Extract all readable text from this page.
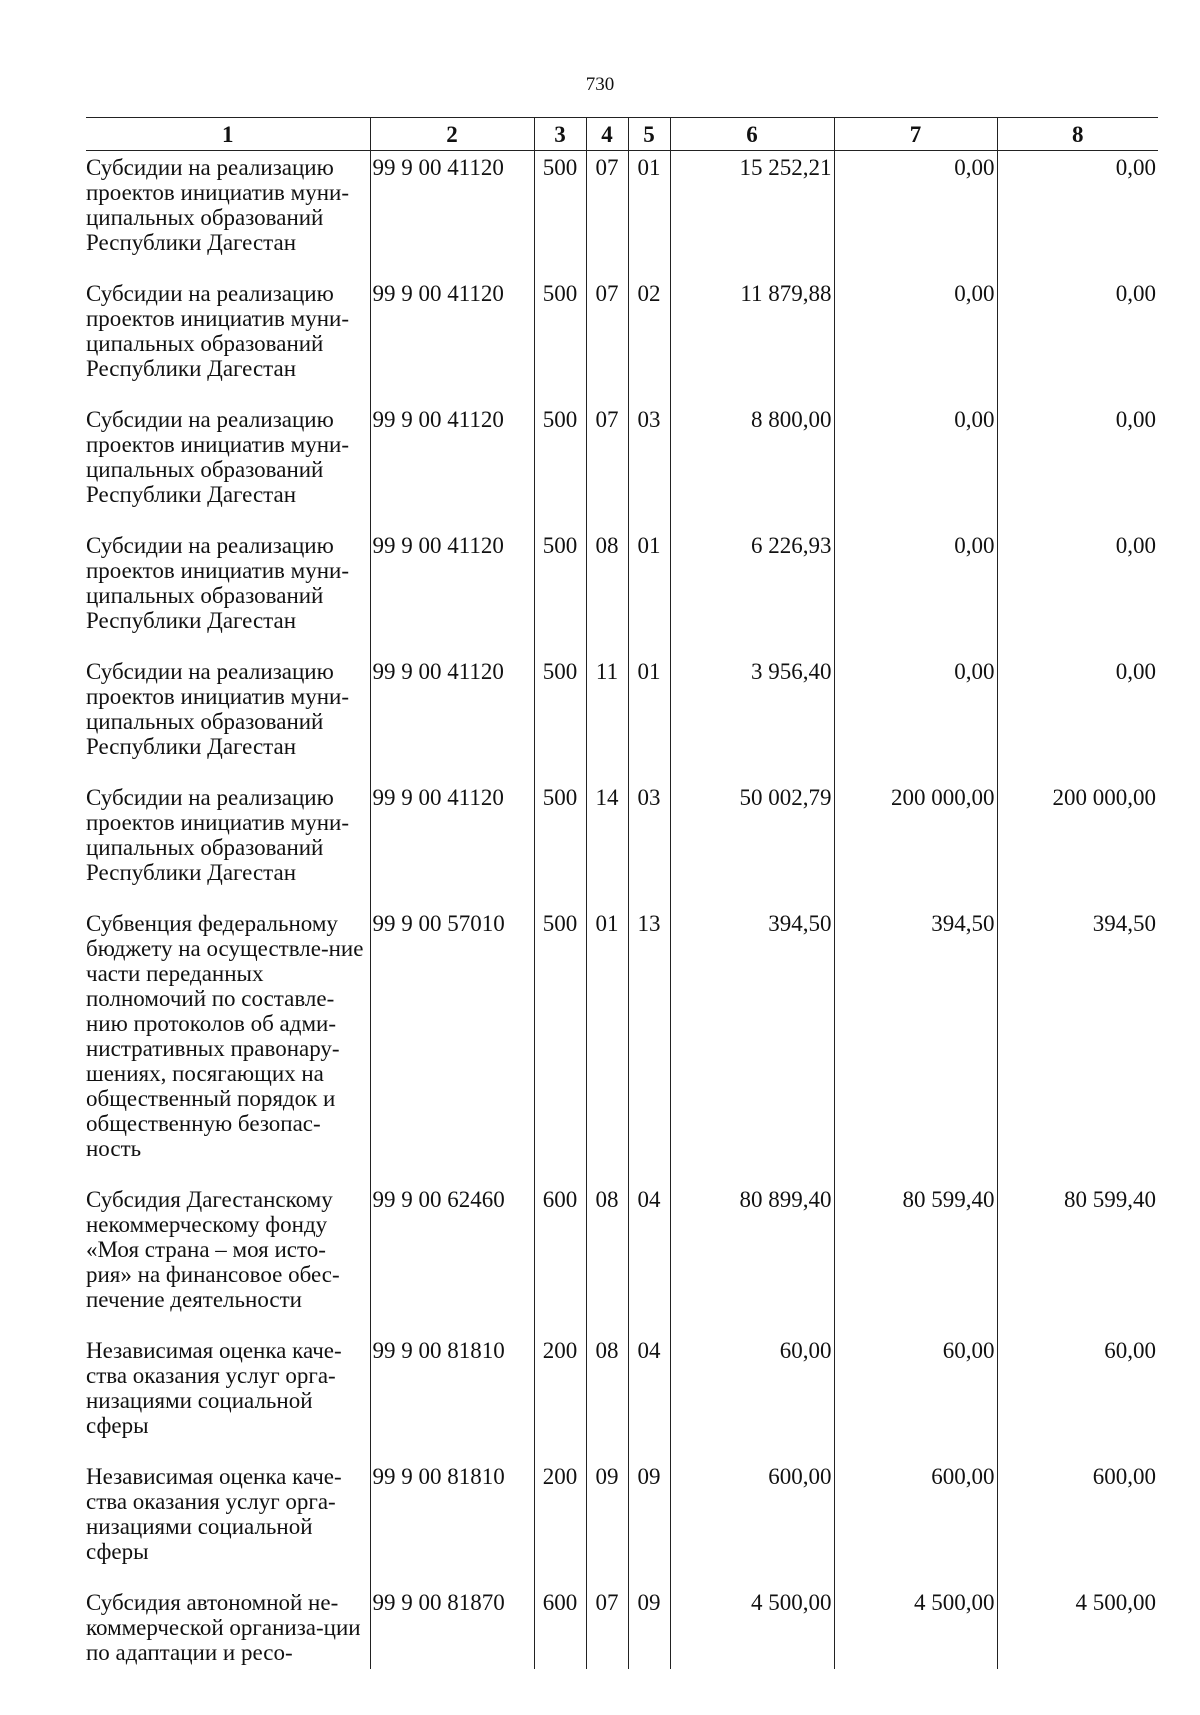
730
1	2	3	4	5	6	7	8
Субсидии на реализацию проектов инициатив муни-ципальных образований Республики Дагестан	99 9 00 41120	500	07	01	15 252,21	0,00	0,00
Субсидии на реализацию проектов инициатив муни-ципальных образований Республики Дагестан	99 9 00 41120	500	07	02	11 879,88	0,00	0,00
Субсидии на реализацию проектов инициатив муни-ципальных образований Республики Дагестан	99 9 00 41120	500	07	03	8 800,00	0,00	0,00
Субсидии на реализацию проектов инициатив муни-ципальных образований Республики Дагестан	99 9 00 41120	500	08	01	6 226,93	0,00	0,00
Субсидии на реализацию проектов инициатив муни-ципальных образований Республики Дагестан	99 9 00 41120	500	11	01	3 956,40	0,00	0,00
Субсидии на реализацию проектов инициатив муни-ципальных образований Республики Дагестан	99 9 00 41120	500	14	03	50 002,79	200 000,00	200 000,00
Субвенция федеральному бюджету на осуществле-ние части переданных полномочий по составле-нию протоколов об адми-нистративных правонару-шениях, посягающих на общественный порядок и общественную безопас-ность	99 9 00 57010	500	01	13	394,50	394,50	394,50
Субсидия Дагестанскому некоммерческому фонду «Моя страна – моя исто-рия» на финансовое обес-печение деятельности	99 9 00 62460	600	08	04	80 899,40	80 599,40	80 599,40
Независимая оценка каче-ства оказания услуг орга-низациями социальной сферы	99 9 00 81810	200	08	04	60,00	60,00	60,00
Независимая оценка каче-ства оказания услуг орга-низациями социальной сферы	99 9 00 81810	200	09	09	600,00	600,00	600,00
Субсидия автономной не-коммерческой организа-ции по адаптации и ресо-	99 9 00 81870	600	07	09	4 500,00	4 500,00	4 500,00
